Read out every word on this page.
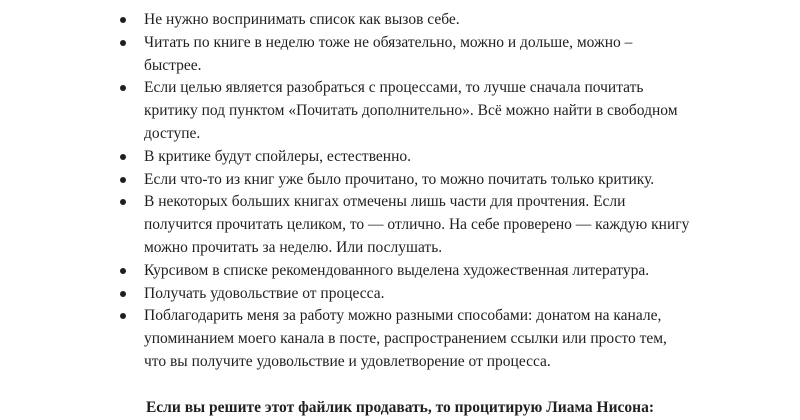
Не нужно воспринимать список как вызов себе.
Читать по книге в неделю тоже не обязательно, можно и дольше, можно –
быстрее.
Если целью является разобраться с процессами, то лучше сначала почитать
критику под пунктом «Почитать дополнительно». Всё можно найти в свободном
доступе.
В критике будут спойлеры, естественно.
Если что-то из книг уже было прочитано, то можно почитать только критику.
В некоторых больших книгах отмечены лишь части для прочтения. Если
получится прочитать целиком, то — отлично. На себе проверено — каждую книгу
можно прочитать за неделю. Или послушать.
Курсивом в списке рекомендованного выделена художественная литература.
Получать удовольствие от процесса.
Поблагодарить меня за работу можно разными способами: донатом на канале,
упоминанием моего канала в посте, распространением ссылки или просто тем,
что вы получите удовольствие и удовлетворение от процесса.
Если вы решите этот файлик продавать, то процитирую Лиама Нисона:
